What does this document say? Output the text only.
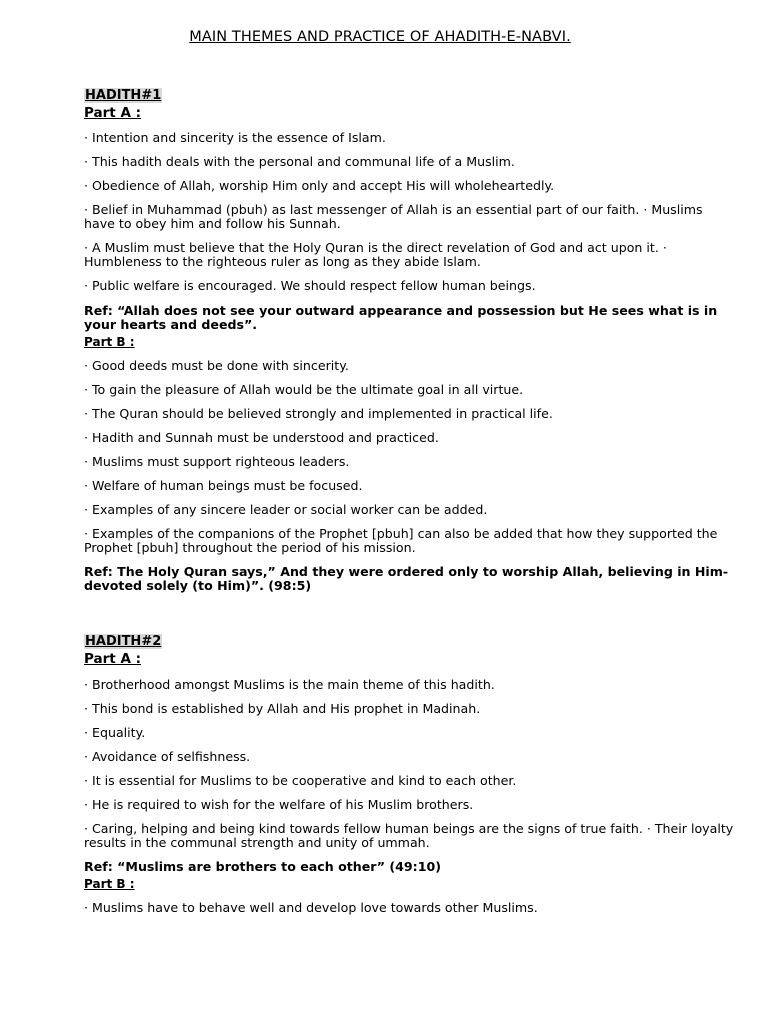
MAIN THEMES AND PRACTICE OF AHADITH-E-NABVI.
HADITH#1
Part A :
· Intention and sincerity is the essence of Islam.
· This hadith deals with the personal and communal life of a Muslim.
· Obedience of Allah, worship Him only and accept His will wholeheartedly.
· Belief in Muhammad (pbuh) as last messenger of Allah is an essential part of our faith. · Muslims
have to obey him and follow his Sunnah.
· A Muslim must believe that the Holy Quran is the direct revelation of God and act upon it. ·
Humbleness to the righteous ruler as long as they abide Islam.
· Public welfare is encouraged. We should respect fellow human beings.
Ref: “Allah does not see your outward appearance and possession but He sees what is in
your hearts and deeds”.
Part B :
· Good deeds must be done with sincerity.
· To gain the pleasure of Allah would be the ultimate goal in all virtue.
· The Quran should be believed strongly and implemented in practical life.
· Hadith and Sunnah must be understood and practiced.
· Muslims must support righteous leaders.
· Welfare of human beings must be focused.
· Examples of any sincere leader or social worker can be added.
· Examples of the companions of the Prophet [pbuh] can also be added that how they supported the
Prophet [pbuh] throughout the period of his mission.
Ref: The Holy Quran says,” And they were ordered only to worship Allah, believing in Him-
devoted solely (to Him)”. (98:5)
HADITH#2
Part A :
· Brotherhood amongst Muslims is the main theme of this hadith.
· This bond is established by Allah and His prophet in Madinah.
· Equality.
· Avoidance of selfishness.
· It is essential for Muslims to be cooperative and kind to each other.
· He is required to wish for the welfare of his Muslim brothers.
· Caring, helping and being kind towards fellow human beings are the signs of true faith. · Their loyalty
results in the communal strength and unity of ummah.
Ref: “Muslims are brothers to each other” (49:10)
Part B :
· Muslims have to behave well and develop love towards other Muslims.
